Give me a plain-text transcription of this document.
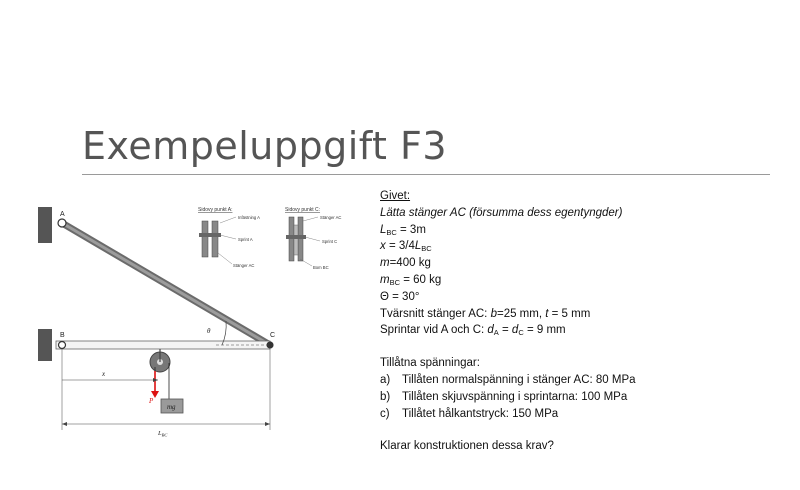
Exempeluppgift F3
A
B	C
θ
P
mg
x
$L_{BC}$
Sidovy punkt A:
Infästning A
Sprint A
Stänger AC
Sidovy punkt C:
Stänger AC
Sprint C
Bom BC
Givet:
Lätta stänger AC (försumma dess egentyngder)
$L_{BC} = 3m$
$x = 3/4L_{BC}$
m=400 kg
$m_{BC} = 60$ kg
Θ = 30°
Tvärsnitt stänger AC: b=25 mm, t = 5 mm
Sprintar vid A och C: $d_A = d_C = 9$ mm
Tillåtna spänningar:
a)	Tillåten normalspänning i stänger AC: 80 MPa
b)	Tillåten skjuvspänning i sprintarna: 100 MPa
c)	Tillåtet hålkantstryck: 150 MPa
Klarar konstruktionen dessa krav?
